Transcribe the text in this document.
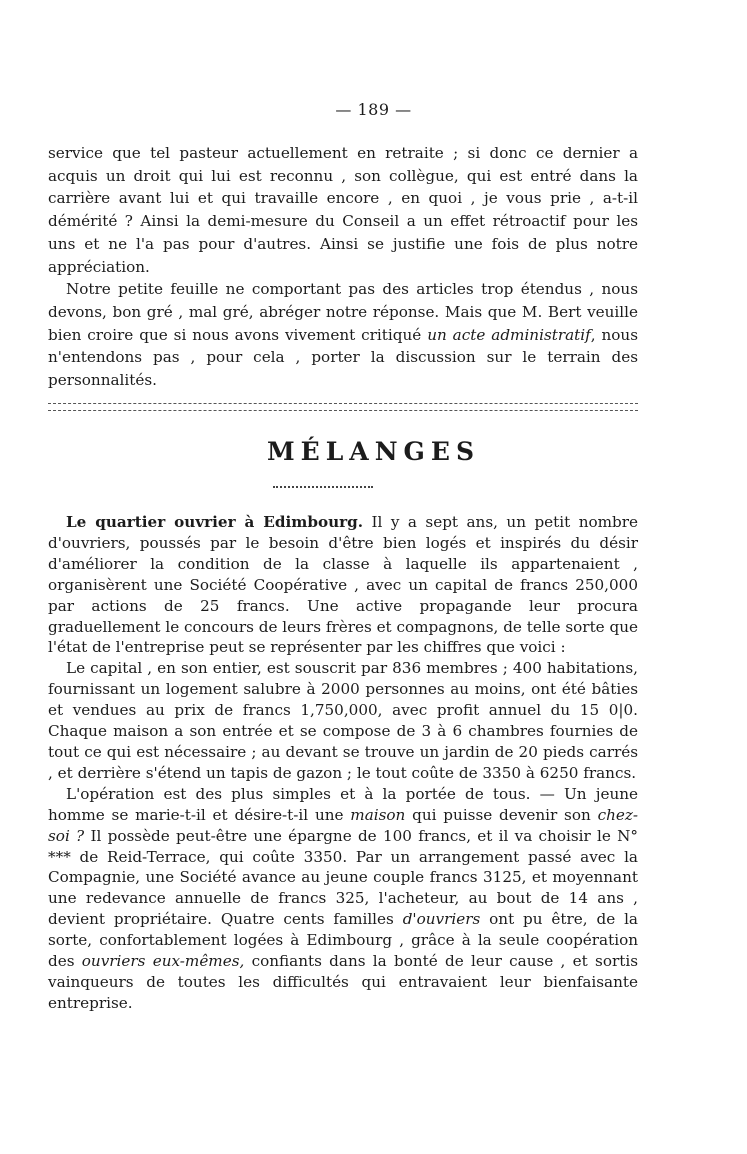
— 189 —

service que tel pasteur actuellement en retraite ; si donc ce dernier a acquis un droit qui lui est reconnu , son collègue, qui est entré dans la carrière avant lui et qui travaille encore , en quoi , je vous prie , a-t-il démérité ? Ainsi la demi-mesure du Conseil a un effet rétroactif pour les uns et ne l'a pas pour d'autres. Ainsi se justifie une fois de plus notre appréciation.

Notre petite feuille ne comportant pas des articles trop étendus , nous devons, bon gré , mal gré, abréger notre réponse. Mais que M. Bert veuille bien croire que si nous avons vivement critiqué un acte administratif, nous n'entendons pas , pour cela , porter la discussion sur le terrain des personnalités.

MÉLANGES

Le quartier ouvrier à Edimbourg. Il y a sept ans, un petit nombre d'ouvriers, poussés par le besoin d'être bien logés et inspirés du désir d'améliorer la condition de la classe à laquelle ils appartenaient , organisèrent une Société Coopérative , avec un capital de francs 250,000 par actions de 25 francs. Une active propagande leur procura graduellement le concours de leurs frères et compagnons, de telle sorte que l'état de l'entreprise peut se représenter par les chiffres que voici :

Le capital , en son entier, est souscrit par 836 membres ; 400 habitations, fournissant un logement salubre à 2000 personnes au moins, ont été bâties et vendues au prix de francs 1,750,000, avec profit annuel du 15 0|0. Chaque maison a son entrée et se compose de 3 à 6 chambres fournies de tout ce qui est nécessaire ; au devant se trouve un jardin de 20 pieds carrés , et derrière s'étend un tapis de gazon ; le tout coûte de 3350 à 6250 francs.

L'opération est des plus simples et à la portée de tous. — Un jeune homme se marie-t-il et désire-t-il une maison qui puisse devenir son chez-soi ? Il possède peut-être une épargne de 100 francs, et il va choisir le N° *** de Reid-Terrace, qui coûte 3350. Par un arrangement passé avec la Compagnie, une Société avance au jeune couple francs 3125, et moyennant une redevance annuelle de francs 325, l'acheteur, au bout de 14 ans , devient propriétaire. Quatre cents familles d'ouvriers ont pu être, de la sorte, confortablement logées à Edimbourg , grâce à la seule coopération des ouvriers eux-mêmes, confiants dans la bonté de leur cause , et sortis vainqueurs de toutes les difficultés qui entravaient leur bienfaisante entreprise.
